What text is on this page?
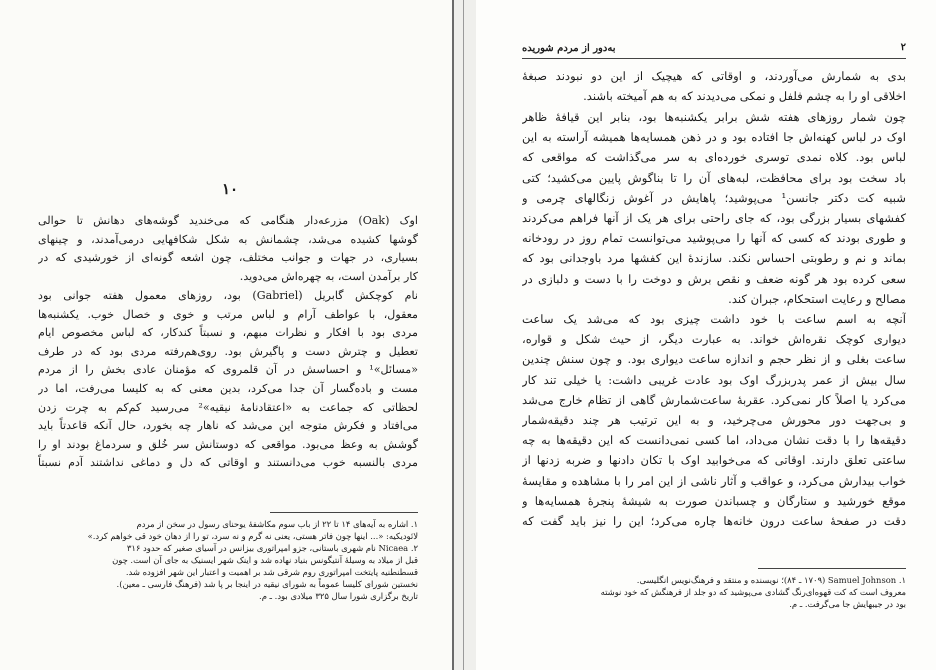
۱۰
اوک (Oak) مزرعه‌دار هنگامی که می‌خندید گوشه‌های دهانش تا حوالی
گوشها کشیده می‌شد، چشمانش به شکل شکافهایی درمی‌آمدند، و چینهای
بسیاری، در جهات و جوانب مختلف، چون اشعه گونه‌ای از خورشیدی که در
کار برآمدن است، به چهره‌اش می‌دوید.
نام کوچکش گابریل (Gabriel) بود، روزهای معمول هفته جوانی بود
معقول، با عواطف آرام و لباس مرتب و خوی و خصال خوب. یکشنبه‌ها
مردی بود با افکار و نظرات مبهم، و نسبتاً کندکار، که لباس مخصوص ایام
تعطیل و چترش دست و پاگیرش بود. روی‌هم‌رفته مردی بود که در طرف
«مسائل»¹ و احساسش در آن قلمروی که مؤمنان عادی بخش را از مردم
مست و باده‌گسار آن جدا می‌کرد، بدین معنی که به کلیسا می‌رفت، اما در
لحظاتی که جماعت به «اعتقادنامهٔ نیقیه»² می‌رسید کم‌کم به چرت زدن
می‌افتاد و فکرش متوجه این می‌شد که ناهار چه بخورد، حال آنکه قاعدتاً باید
گوشش به وعظ می‌بود. مواقعی که دوستانش سر خُلق و سردماغ بودند او را
مردی بالنسبه خوب می‌دانستند و اوقاتی که دل و دماغی نداشتند آدم نسبتاً
۱. اشاره به آیه‌های ۱۴ تا ۲۲ از باب سوم مکاشفهٔ یوحنای رسول در سخن از مردم
لائودیکیه: «... اینها چون فاتر هستی، یعنی نه گرم و نه سرد، تو را از دهان خود قی خواهم کرد.»
۲. Nicaea نام شهری باستانی، جزو امپراتوری بیزانس در آسیای صغیر که حدود ۳۱۶
قبل از میلاد به وسیلهٔ آنتیگونس بنیاد نهاده شد و اینک شهر ایسنیک به جای آن است. چون
قسطنطنیه پایتخت امپراتوری روم شرقی شد بر اهمیت و اعتبار این شهر افزوده شد.
نخستین شورای کلیسا عموماً به شورای نیقیه در اینجا بر پا شد (فرهنگ فارسی ـ معین).
تاریخ برگزاری شورا سال ۳۲۵ میلادی بود. ـ م.
۲
به‌دور از مردم شوریده
بدی به شمارش می‌آوردند، و اوقاتی که هیچیک از این دو نبودند صبغهٔ
اخلاقی او را به چشم فلفل و نمکی می‌دیدند که به هم آمیخته باشند.
چون شمار روزهای هفته شش برابر یکشنبه‌ها بود، بنابر این قیافهٔ ظاهر
اوک در لباس کهنه‌اش جا افتاده بود و در ذهن همسایه‌ها همیشه آراسته به این
لباس بود. کلاه نمدی توسری خورده‌ای به سر می‌گذاشت که مواقعی که
باد سخت بود برای محافظت، لبه‌های آن را تا بناگوش پایین می‌کشید؛ کتی
شبیه کت دکتر جانسن¹ می‌پوشید؛ پاهایش در آغوش زنگالهای چرمی و
کفشهای بسیار بزرگی بود، که جای راحتی برای هر یک از آنها فراهم می‌کردند
و طوری بودند که کسی که آنها را می‌پوشید می‌توانست تمام روز در رودخانه
بماند و نم و رطوبتی احساس نکند. سازندهٔ این کفشها مرد باوجدانی بود که
سعی کرده بود هر گونه ضعف و نقص برش و دوخت را با دست و دلبازی در
مصالح و رعایت استحکام، جبران کند.
آنچه به اسم ساعت با خود داشت چیزی بود که می‌شد یک ساعت
دیواری کوچک نقره‌اش خواند. به عبارت دیگر، از حیث شکل و قواره،
ساعت بغلی و از نظر حجم و اندازه ساعت دیواری بود. و چون سنش چندین
سال بیش از عمر پدربزرگ اوک بود عادت غریبی داشت: یا خیلی تند کار
می‌کرد یا اصلاً کار نمی‌کرد. عقربهٔ ساعت‌شمارش گاهی از تظام خارج می‌شد
و بی‌جهت دور محورش می‌چرخید، و به این ترتیب هر چند دقیقه‌شمار
دقیقه‌ها را با دقت نشان می‌داد، اما کسی نمی‌دانست که این دقیقه‌ها به چه
ساعتی تعلق دارند. اوقاتی که می‌خوابید اوک با تکان دادنها و ضربه زدنها از
خواب بیدارش می‌کرد، و عواقب و آثار ناشی از این امر را با مشاهده و مقایسهٔ
موقع خورشید و ستارگان و چسباندن صورت به شیشهٔ پنجرهٔ همسایه‌ها و
دقت در صفحهٔ ساعت درون خانه‌ها چاره می‌کرد؛ این را نیز باید گفت که
Samuel Johnson .۱ (۱۷۰۹ ـ ۸۴)؛ نویسنده و منتقد و فرهنگ‌نویس انگلیسی.
معروف است که کت قهوه‌ای‌رنگ گشادی می‌پوشید که دو جلد از فرهنگش که خود نوشته
بود در جیبهایش جا می‌گرفت. ـ م.
